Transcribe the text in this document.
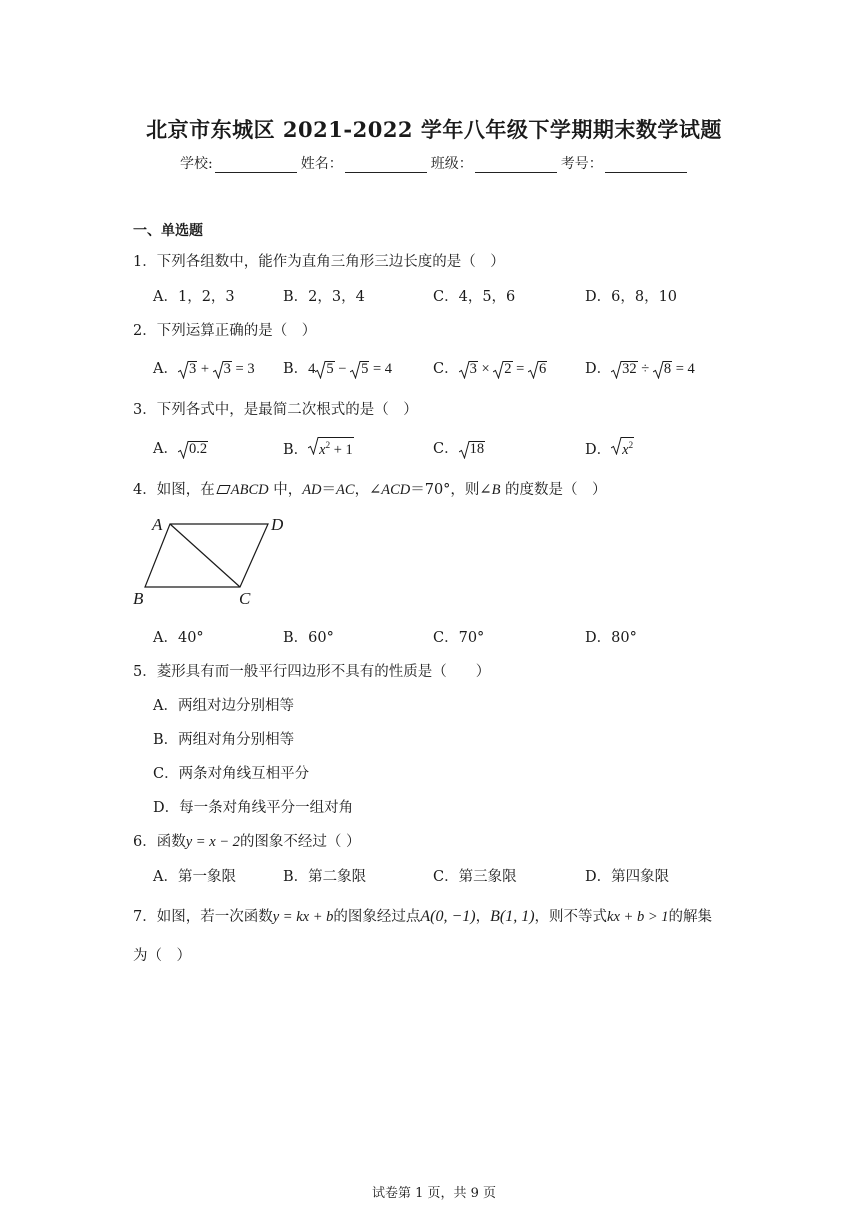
北京市东城区 2021-2022 学年八年级下学期期末数学试题
学校:	姓名：	班级：	考号：
一、单选题
1．下列各组数中，能作为直角三角形三边长度的是（　）
A．1，2，3	B．2，3，4	C．4，5，6	D．6，8，10
2．下列运算正确的是（　）
A． 3 +
3 = 3 B．4 5 −
5 = 4	C． 3 ×
2 =
6	D． 32 ÷
8 = 4
3．下列各式中，是最简二次根式的是（　）
A． 0.2	B． $x^2 + 1$	C． 18	D． $x^2$
4．如图，在 ABCD 中，AD＝AC，∠ACD＝70°，则∠B 的度数是（　）
A	D
B	C
A．40°	B．60°	C．70°	D．80°
5．菱形具有而一般平行四边形不具有的性质是（　　）
A．两组对边分别相等
B．两组对角分别相等
C．两条对角线互相平分
D．每一条对角线平分一组对角
6．函数y = x − 2的图象不经过（ ）
A．第一象限	B．第二象限	C．第三象限	D．第四象限
7．如图，若一次函数y = kx + b的图象经过点A(0, −1)，B(1, 1)，则不等式kx + b > 1的解集
为（　）
试卷第 1 页，共 9 页
